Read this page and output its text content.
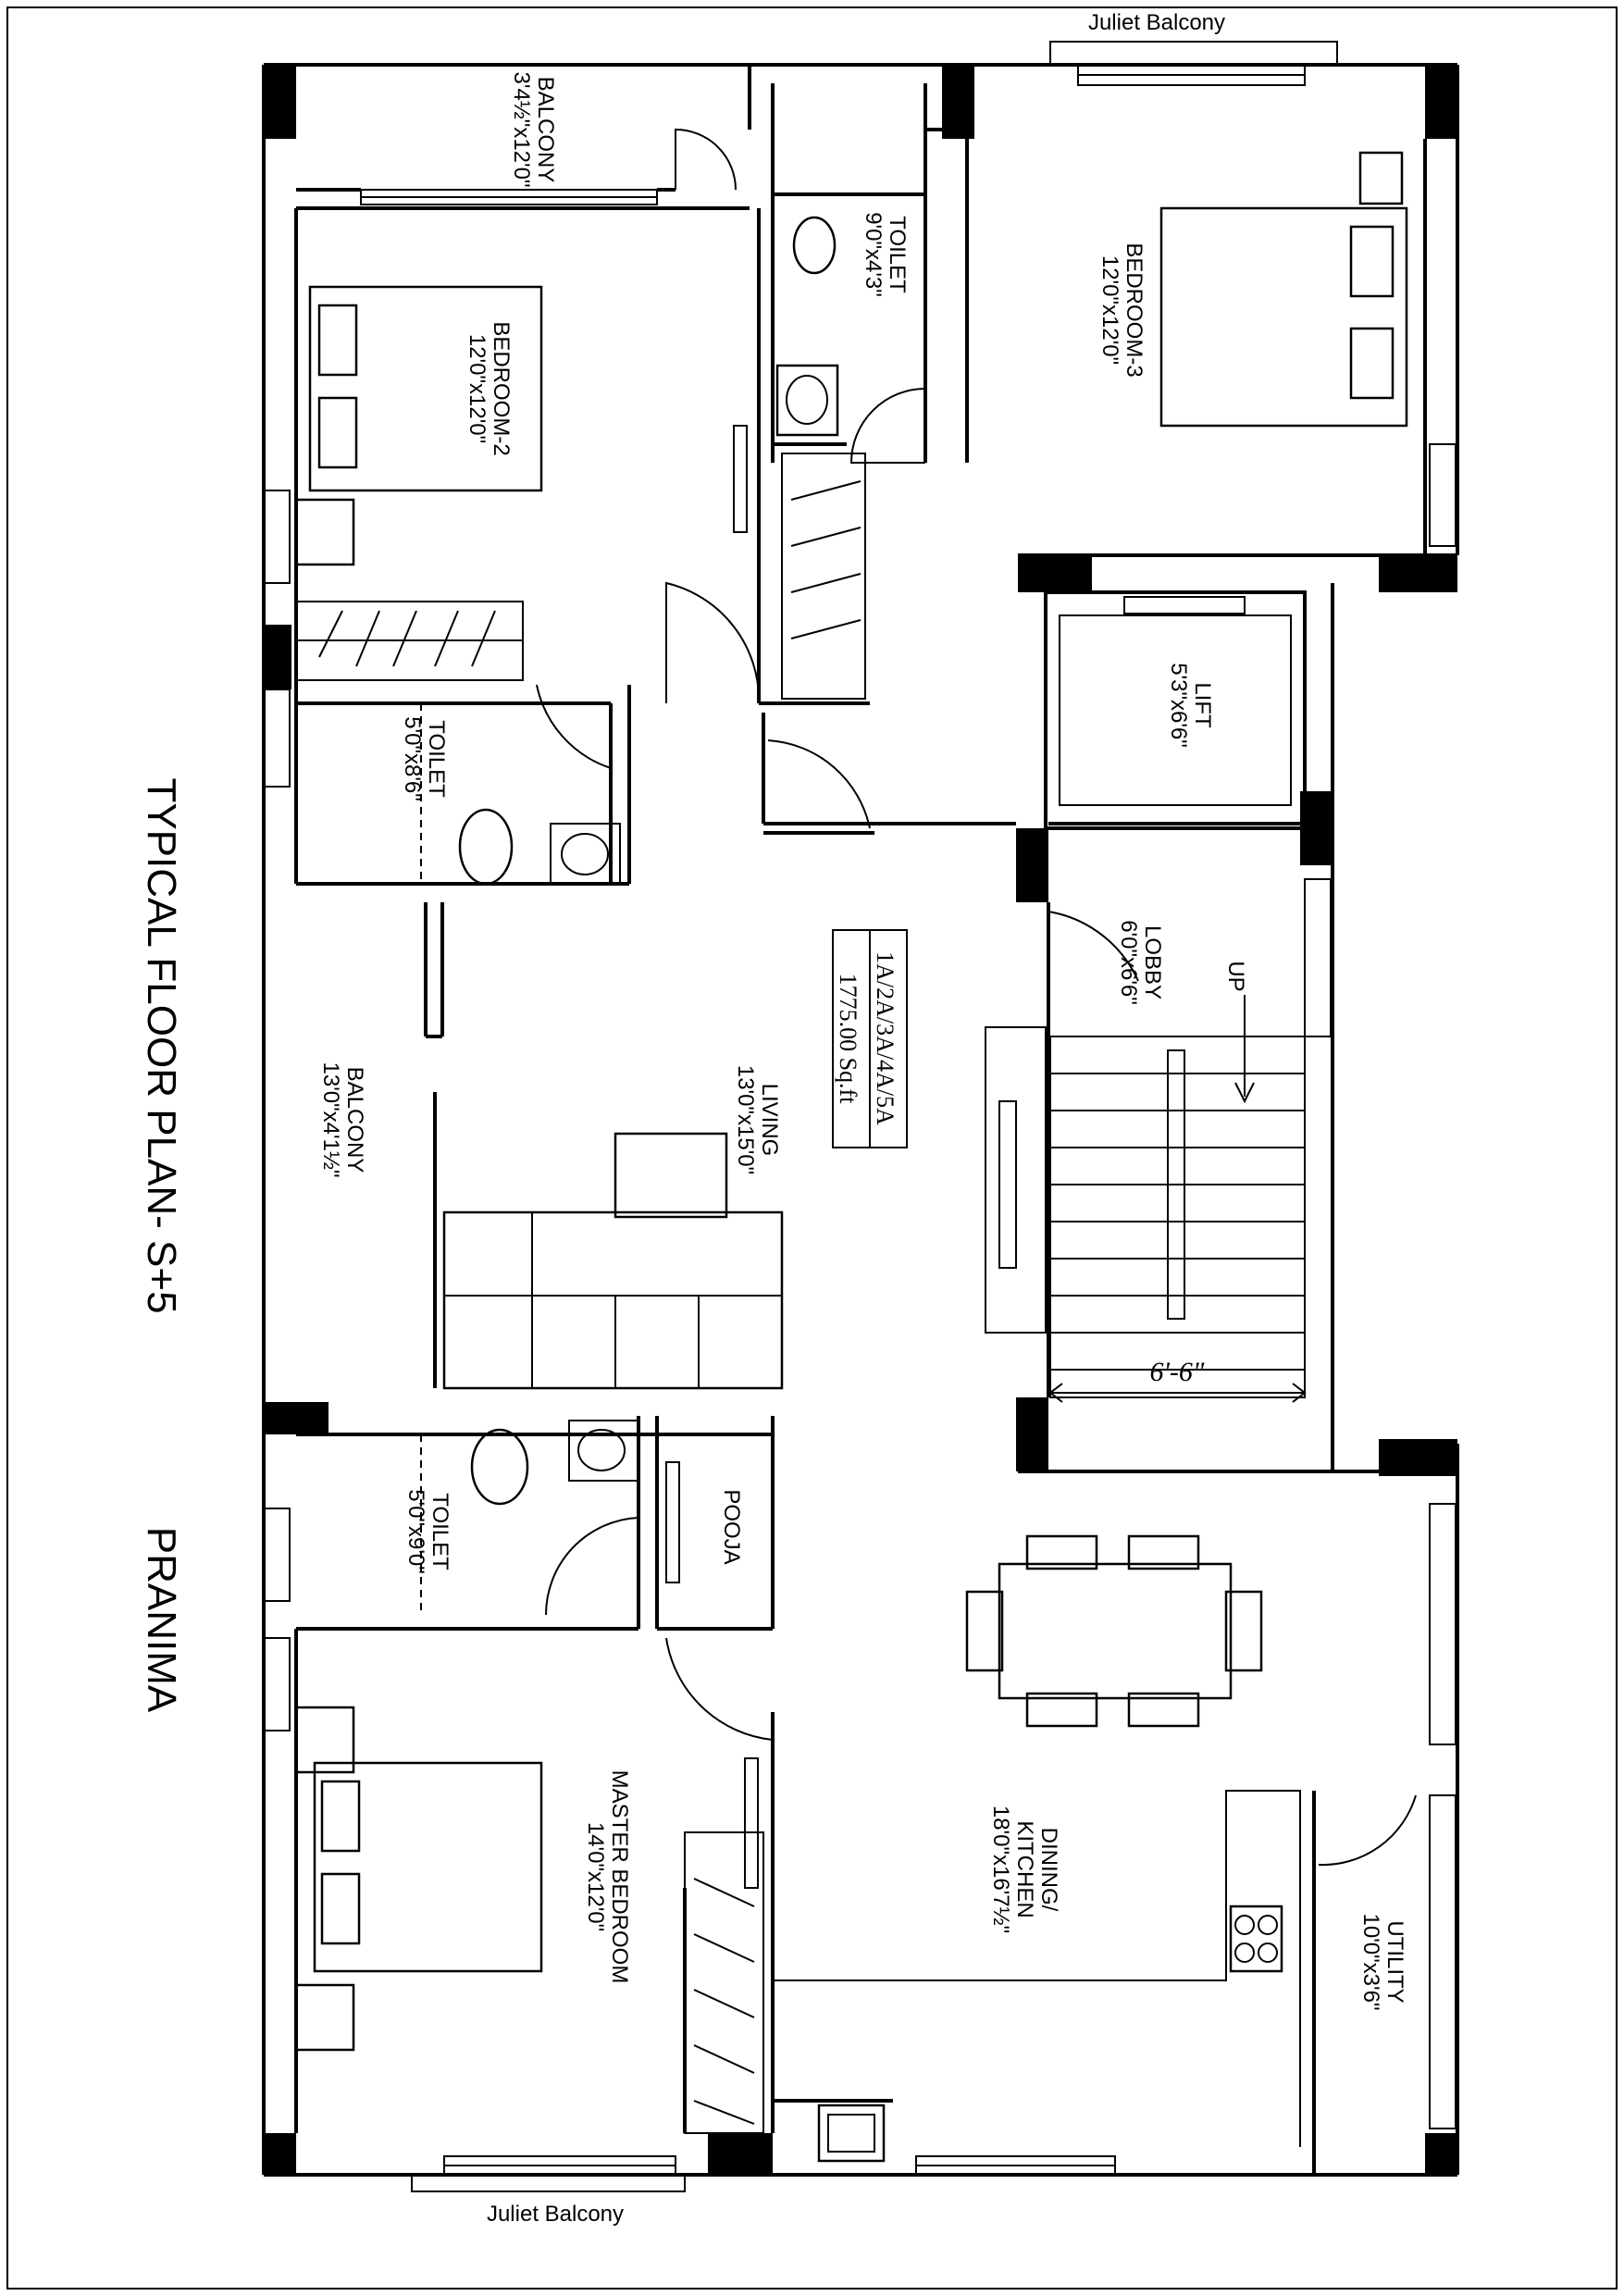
Juliet Balcony
Juliet Balcony
TYPICAL FLOOR PLAN- S+5
PRANIMA
1A/2A/3A/4A/5A
1775.00 Sq.ft
BALCONY
3'4½"x12'0"
BEDROOM-2
12'0"x12'0"
TOILET
9'0"x4'3"	BEDROOM-3
12'0"x12'0"
LIFT
5'3"x6'6"
TOILET
5'0"x8'6"
LOBBY
6'0"x6'6"	UP
LIVING
13'0"x15'0"
BALCONY
13'0"x4'1½"
TOILET
5'0"x9'0"	POOJA
DINING/
KITCHEN
18'0"x16'7½"
MASTER BEDROOM
14'0"x12'0"
UTILITY
10'0"x3'6"
6'-6"
